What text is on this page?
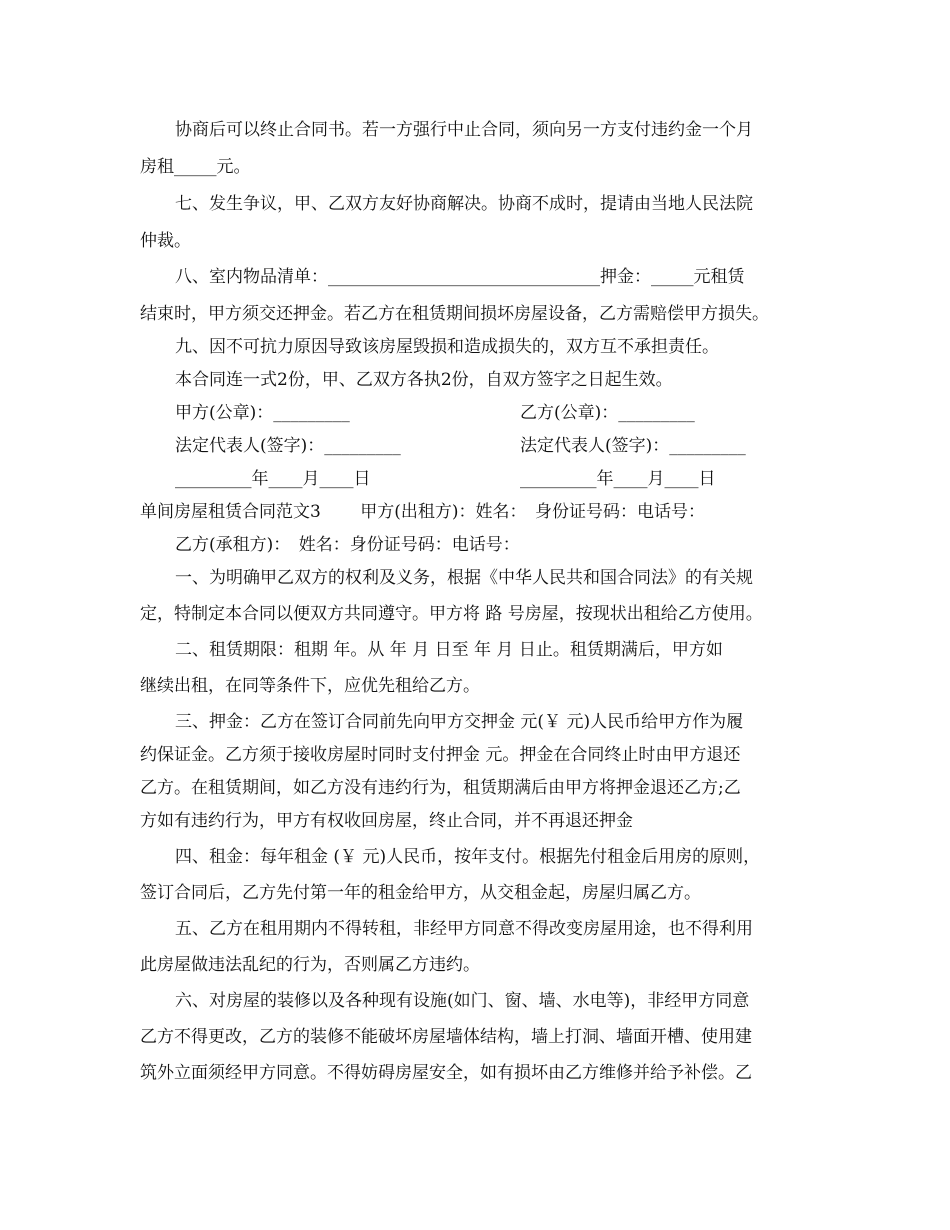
协商后可以终止合同书。若一方强行中止合同，须向另一方支付违约金一个月
房租_____元。
七、发生争议，甲、乙双方友好协商解决。协商不成时，提请由当地人民法院
仲裁。
八、室内物品清单：________________________________押金：_____元租赁
结束时，甲方须交还押金。若乙方在租赁期间损坏房屋设备，乙方需赔偿甲方损失。
九、因不可抗力原因导致该房屋毁损和造成损失的，双方互不承担责任。
本合同连一式2份，甲、乙双方各执2份，自双方签字之日起生效。
甲方(公章)：_________	乙方(公章)：_________
法定代表人(签字)：_________	法定代表人(签字)：_________
_________年____月____日	_________年____月____日
单间房屋租赁合同范文3　　 甲方(出租方)：姓名：　身份证号码：电话号：
乙方(承租方)：　姓名：身份证号码：电话号：
一、为明确甲乙双方的权利及义务，根据《中华人民共和国合同法》的有关规
定，特制定本合同以便双方共同遵守。甲方将 路 号房屋，按现状出租给乙方使用。
二、租赁期限：租期 年。从 年 月 日至 年 月 日止。租赁期满后，甲方如
继续出租，在同等条件下，应优先租给乙方。
三、押金：乙方在签订合同前先向甲方交押金 元(￥ 元)人民币给甲方作为履
约保证金。乙方须于接收房屋时同时支付押金 元。押金在合同终止时由甲方退还
乙方。在租赁期间，如乙方没有违约行为，租赁期满后由甲方将押金退还乙方;乙
方如有违约行为，甲方有权收回房屋，终止合同，并不再退还押金
四、租金：每年租金 (￥ 元)人民币，按年支付。根据先付租金后用房的原则，
签订合同后，乙方先付第一年的租金给甲方，从交租金起，房屋归属乙方。
五、乙方在租用期内不得转租，非经甲方同意不得改变房屋用途，也不得利用
此房屋做违法乱纪的行为，否则属乙方违约。
六、对房屋的装修以及各种现有设施(如门、窗、墙、水电等)，非经甲方同意
乙方不得更改，乙方的装修不能破坏房屋墙体结构，墙上打洞、墙面开槽、使用建
筑外立面须经甲方同意。不得妨碍房屋安全，如有损坏由乙方维修并给予补偿。乙
